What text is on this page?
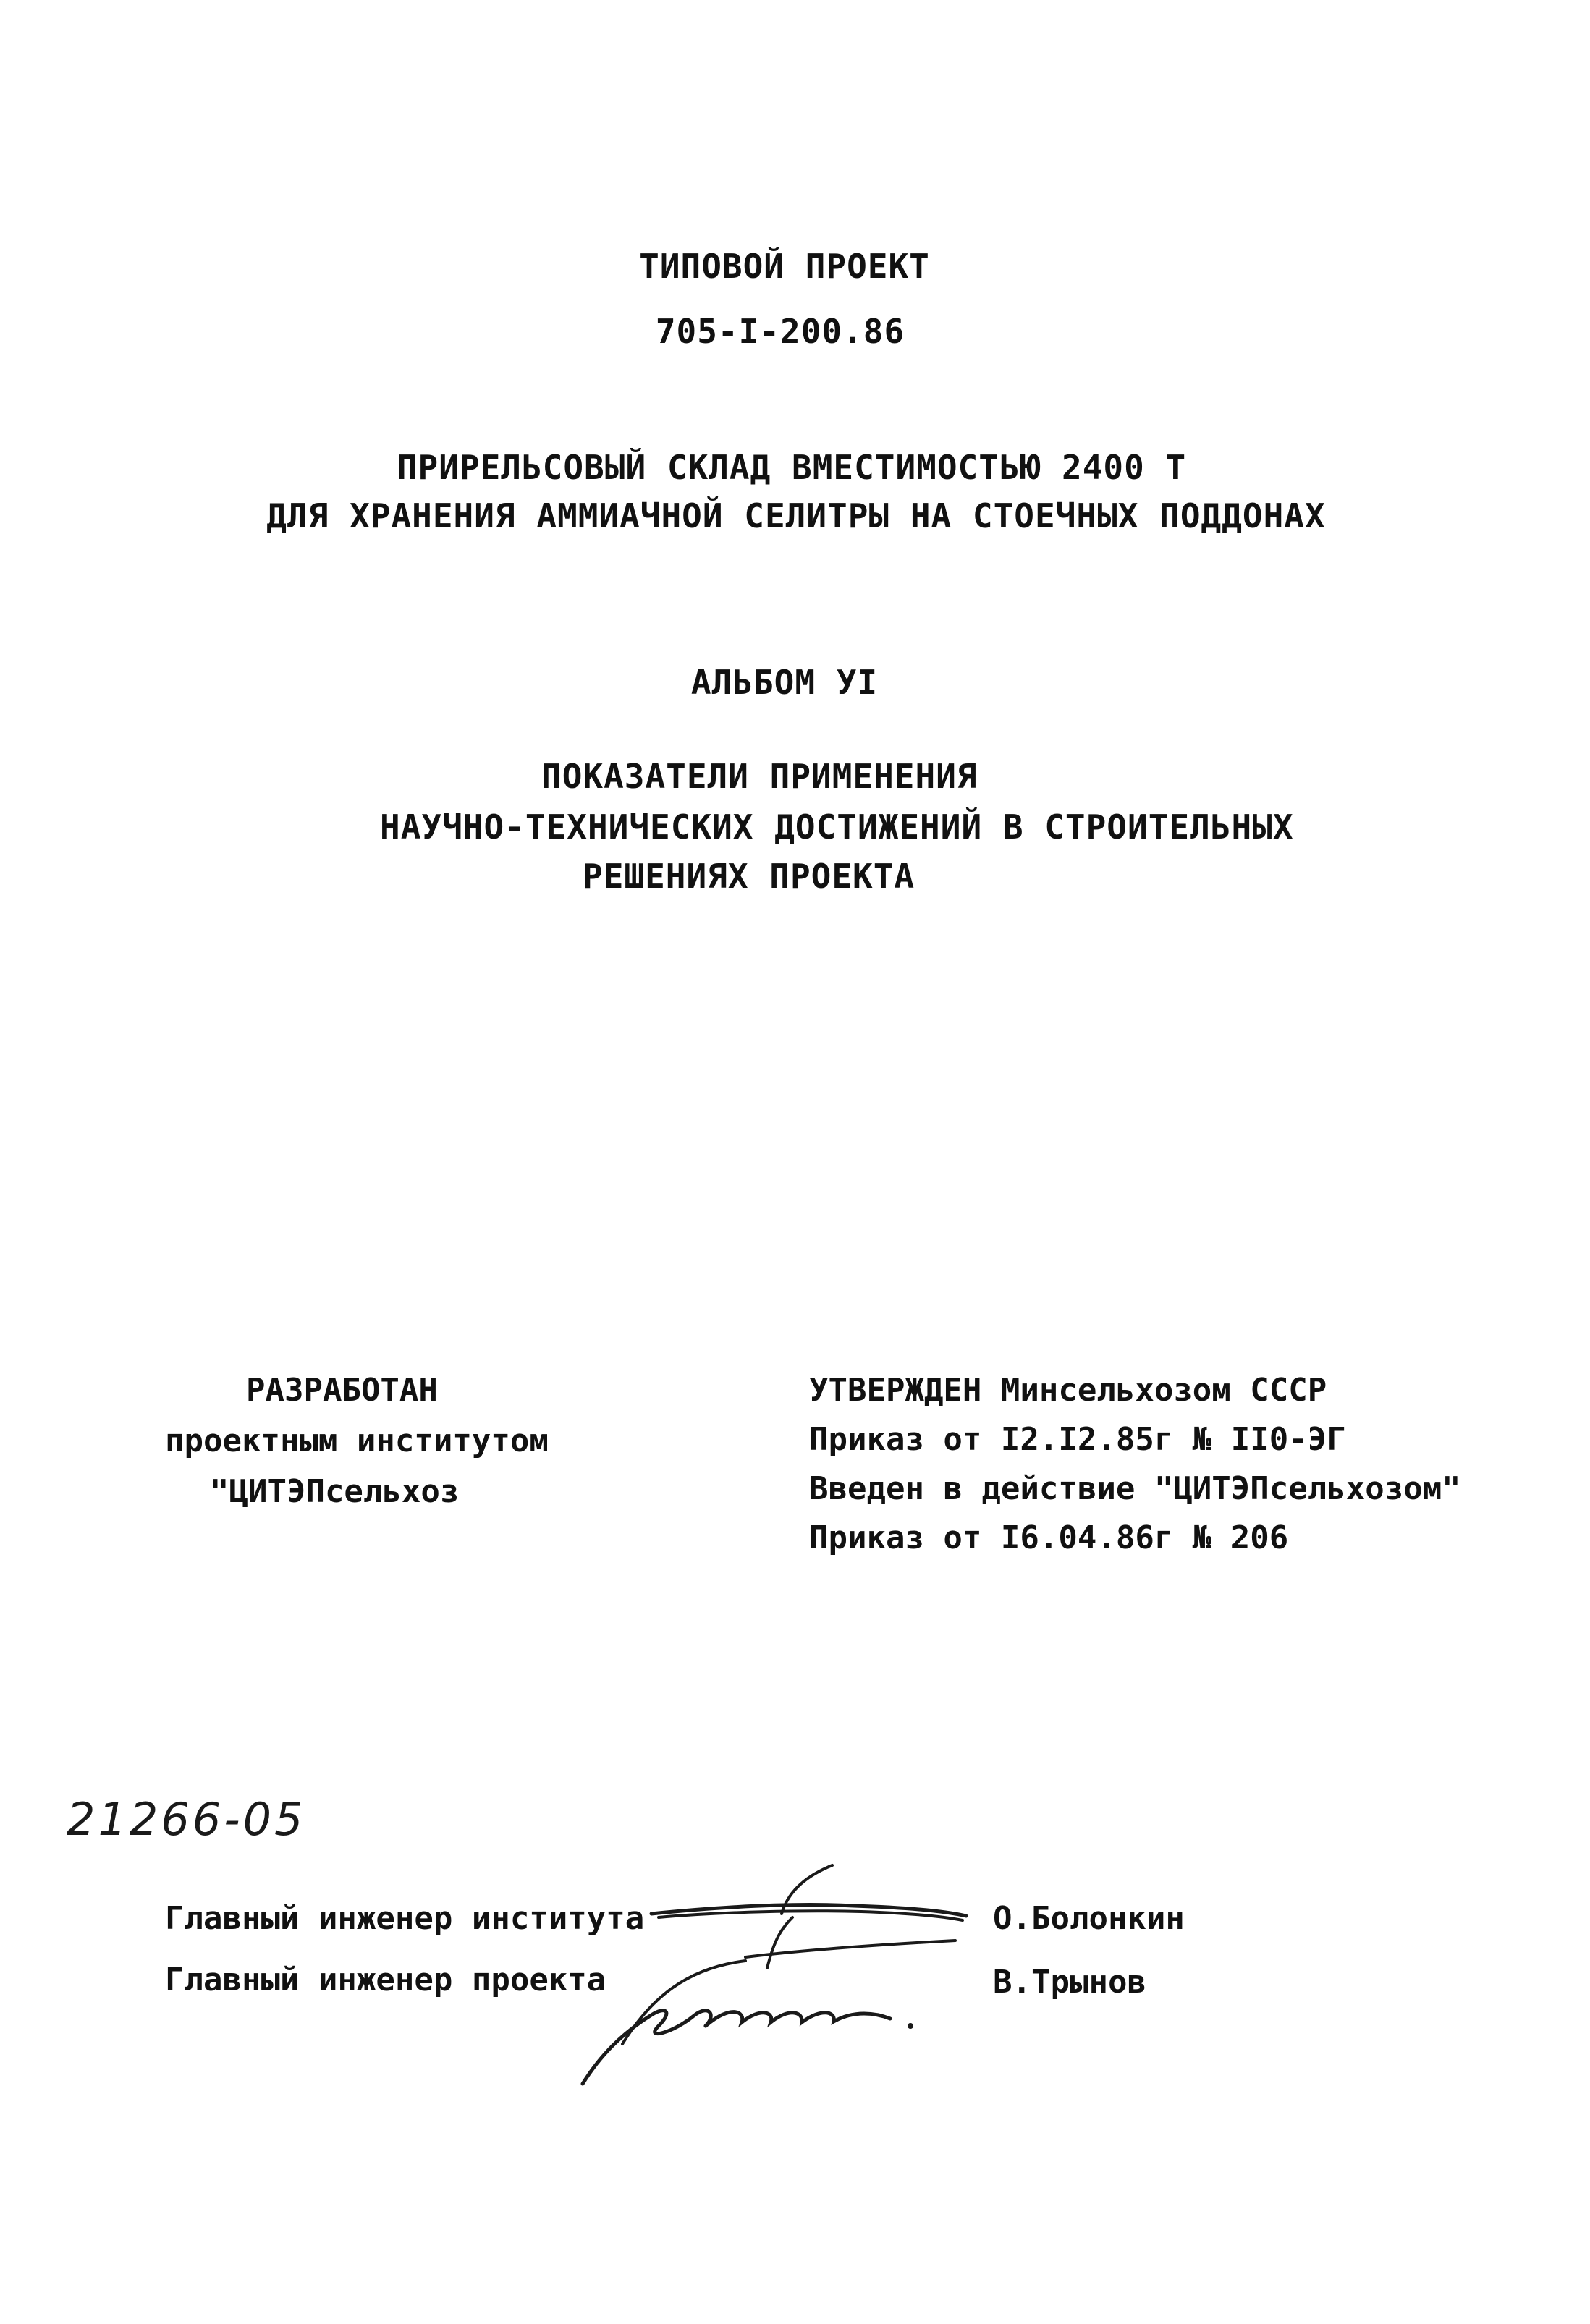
ТИПОВОЙ ПРОЕКТ
705-I-200.86
ПРИРЕЛЬСОВЫЙ СКЛАД ВМЕСТИМОСТЬЮ 2400 Т
ДЛЯ ХРАНЕНИЯ АММИАЧНОЙ СЕЛИТРЫ НА СТОЕЧНЫХ ПОДДОНАХ
АЛЬБОМ УI
ПОКАЗАТЕЛИ ПРИМЕНЕНИЯ
НАУЧНО-ТЕХНИЧЕСКИХ ДОСТИЖЕНИЙ В СТРОИТЕЛЬНЫХ
РЕШЕНИЯХ ПРОЕКТА
РАЗРАБОТАН
проектным институтом
"ЦИТЭПсельхоз
УТВЕРЖДЕН Минсельхозом СССР
Приказ от I2.I2.85г № II0-ЭГ
Введен в действие "ЦИТЭПсельхозом"
Приказ от I6.04.86г № 206
21266-05
Главный инженер института	О.Болонкин
Главный инженер проекта	В.Трынов
